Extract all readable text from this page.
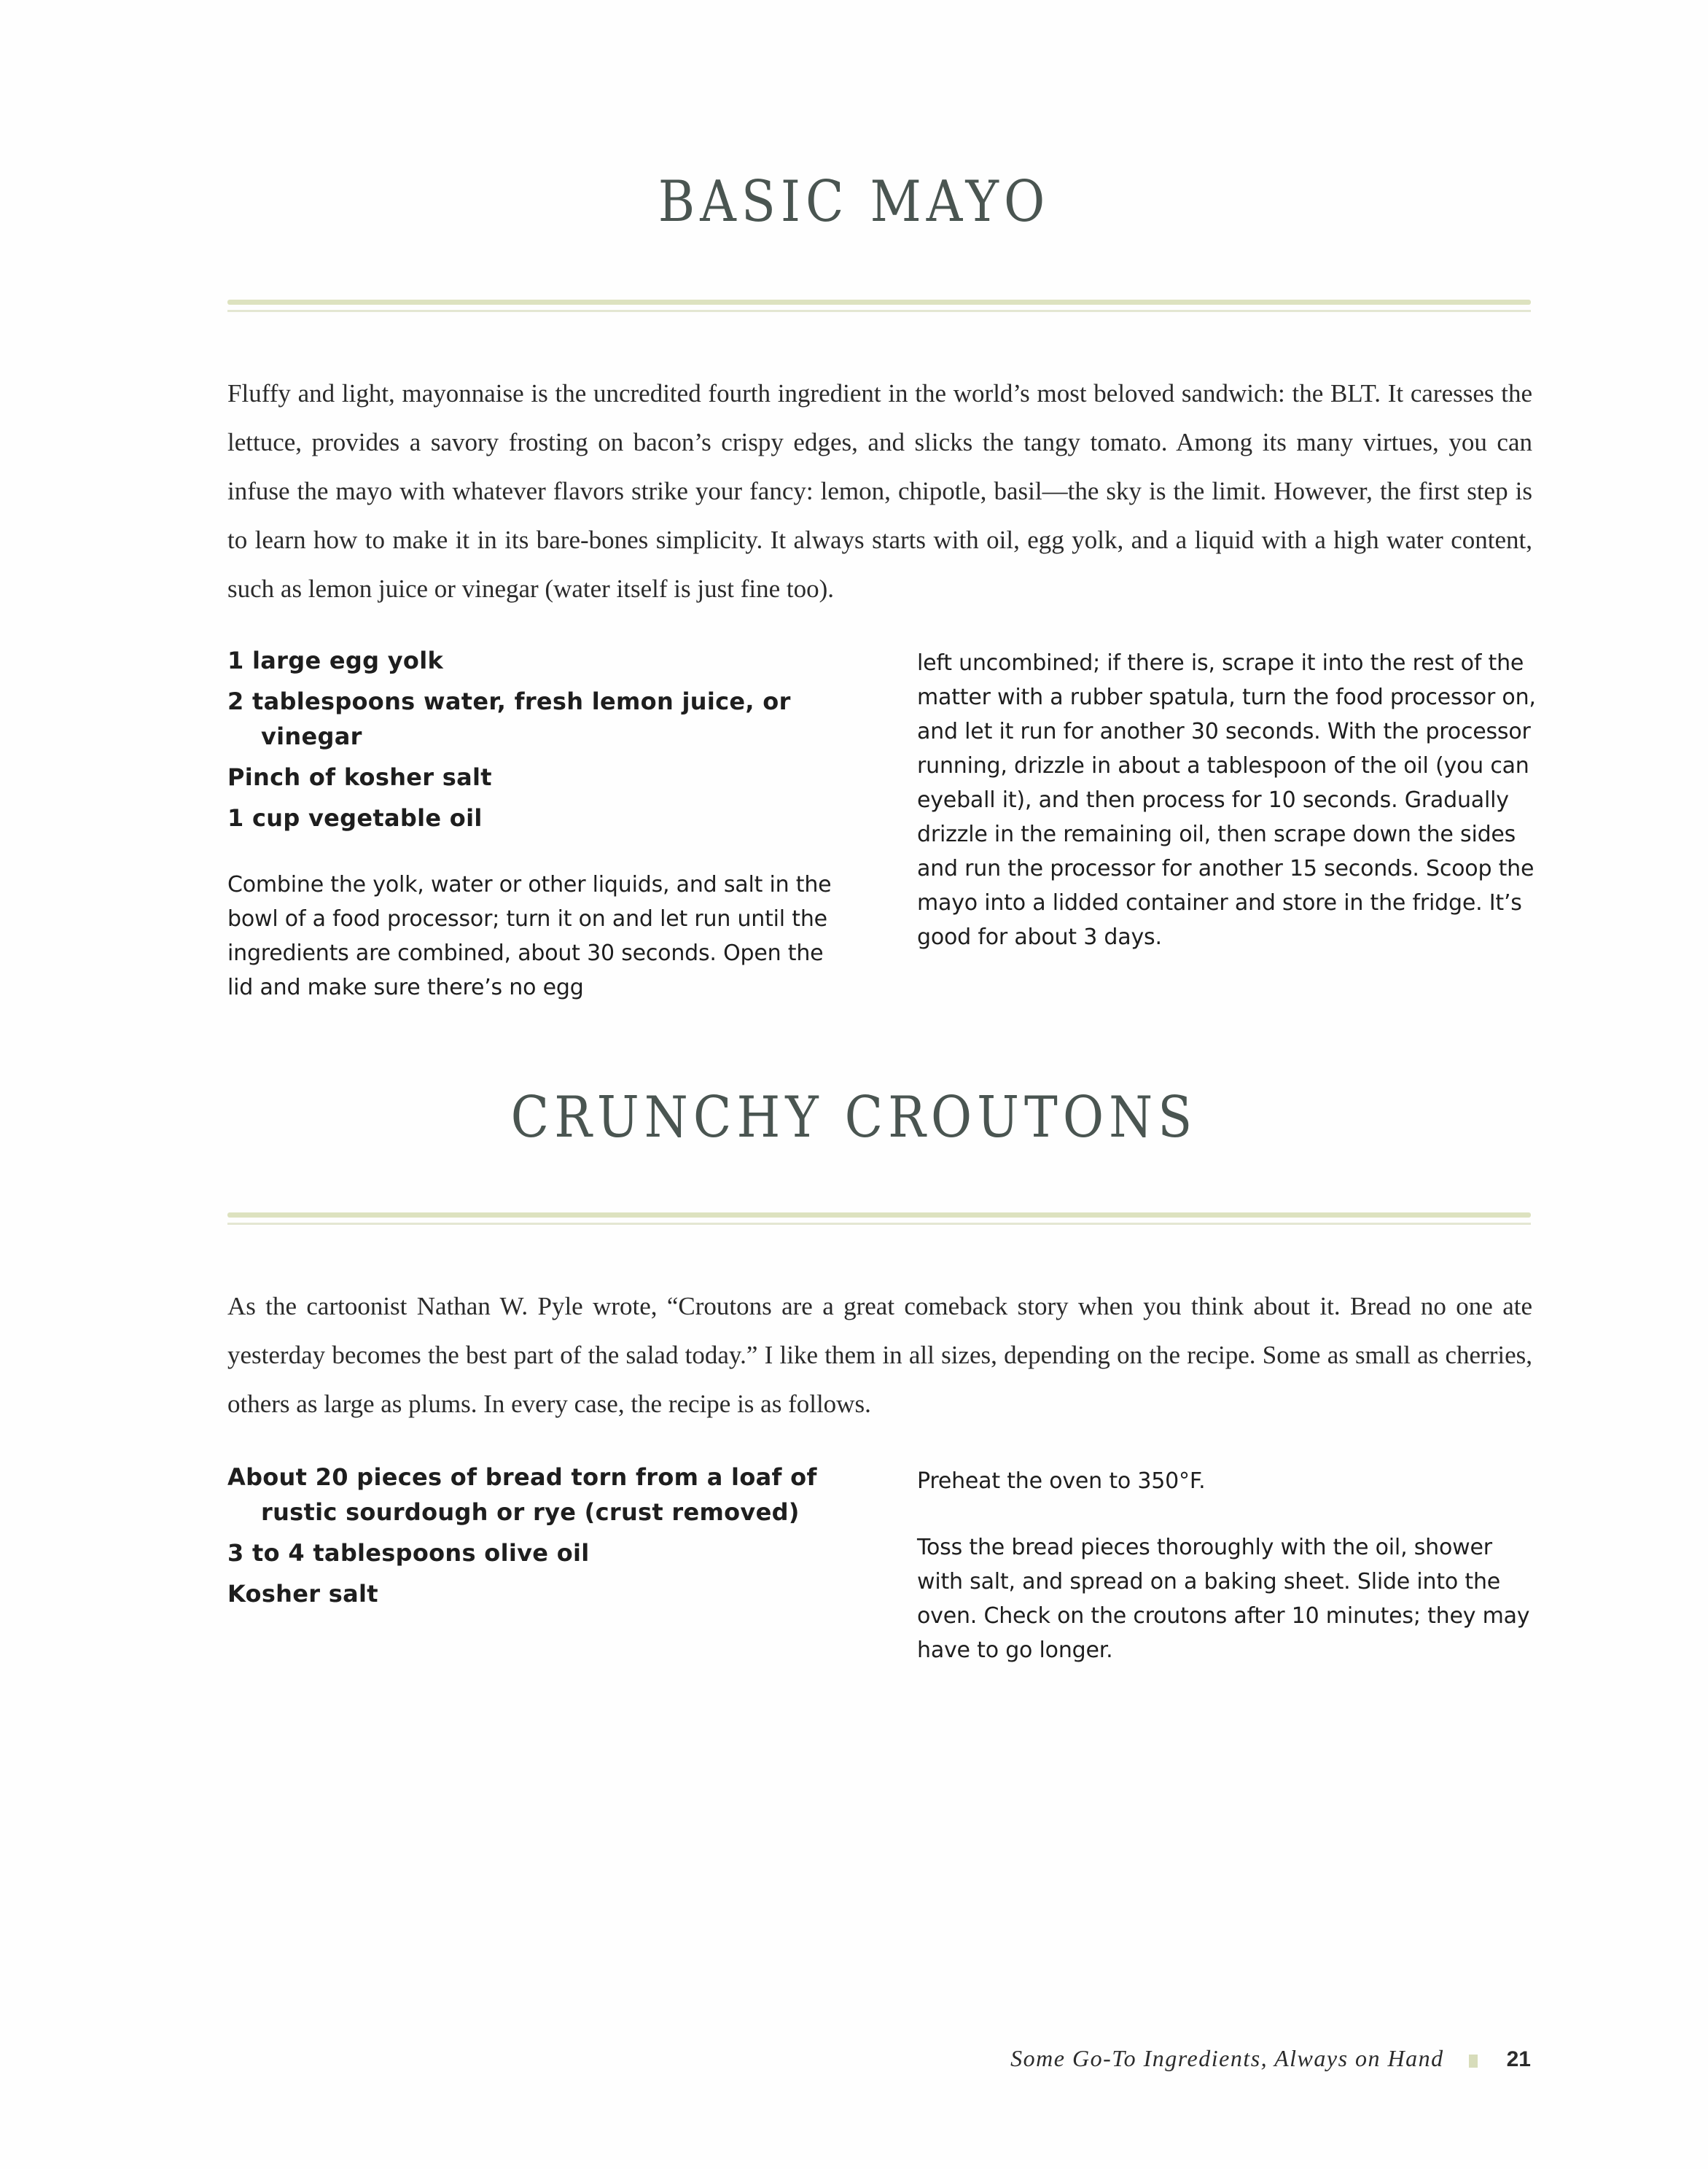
BASIC MAYO

Fluffy and light, mayonnaise is the uncredited fourth ingredient in the world’s most beloved sandwich: the BLT. It caresses the lettuce, provides a savory frosting on bacon’s crispy edges, and slicks the tangy tomato. Among its many virtues, you can infuse the mayo with whatever flavors strike your fancy: lemon, chipotle, basil—the sky is the limit. However, the first step is to learn how to make it in its bare-bones simplicity. It always starts with oil, egg yolk, and a liquid with a high water content, such as lemon juice or vinegar (water itself is just fine too).

1 large egg yolk

2 tablespoons water, fresh lemon juice, or vinegar

Pinch of kosher salt

1 cup vegetable oil

Combine the yolk, water or other liquids, and salt in the bowl of a food processor; turn it on and let run until the ingredients are combined, about 30 seconds. Open the lid and make sure there’s no egg

left uncombined; if there is, scrape it into the rest of the matter with a rubber spatula, turn the food processor on, and let it run for another 30 seconds. With the processor running, drizzle in about a tablespoon of the oil (you can eyeball it), and then process for 10 seconds. Gradually drizzle in the remaining oil, then scrape down the sides and run the processor for another 15 seconds. Scoop the mayo into a lidded container and store in the fridge. It’s good for about 3 days.

CRUNCHY CROUTONS

As the cartoonist Nathan W. Pyle wrote, “Croutons are a great comeback story when you think about it. Bread no one ate yesterday becomes the best part of the salad today.” I like them in all sizes, depending on the recipe. Some as small as cherries, others as large as plums. In every case, the recipe is as follows.

About 20 pieces of bread torn from a loaf of rustic sourdough or rye (crust removed)

3 to 4 tablespoons olive oil

Kosher salt

Preheat the oven to 350°F.

Toss the bread pieces thoroughly with the oil, shower with salt, and spread on a baking sheet. Slide into the oven. Check on the croutons after 10 minutes; they may have to go longer.

Some Go-To Ingredients, Always on Hand	21
